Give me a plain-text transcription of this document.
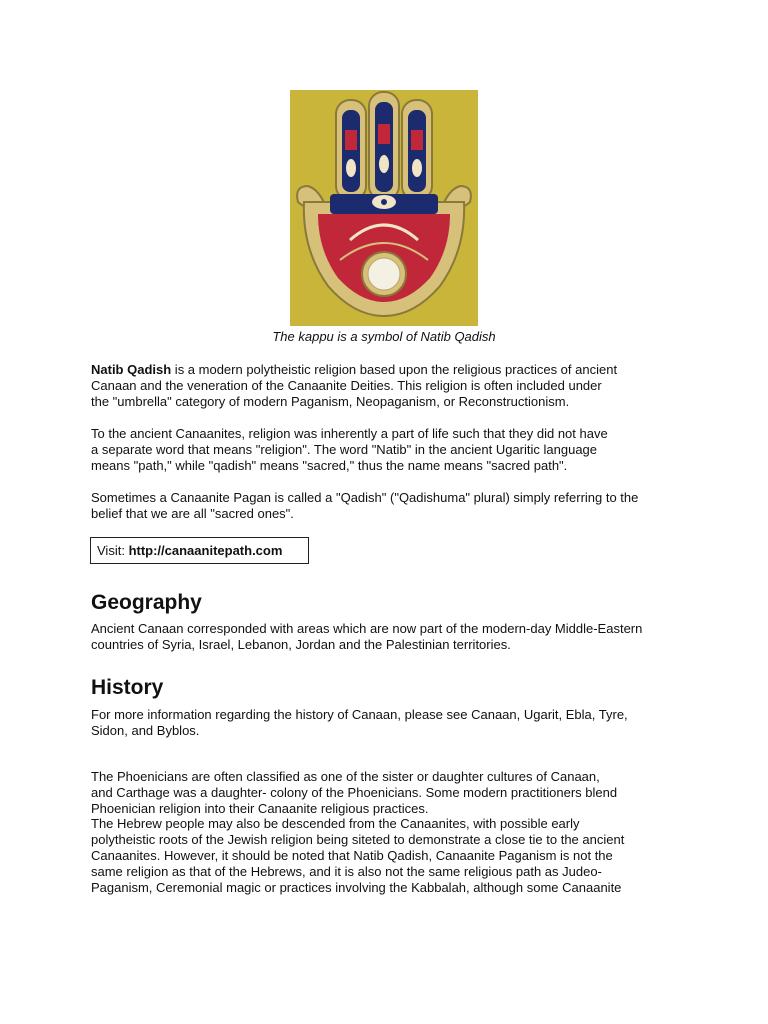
The kappu is a symbol of Natib Qadish

Natib Qadish is a modern polytheistic religion based upon the religious practices of ancient
Canaan and the veneration of the Canaanite Deities. This religion is often included under
the "umbrella" category of modern Paganism, Neopaganism, or Reconstructionism.

To the ancient Canaanites, religion was inherently a part of life such that they did not have
a separate word that means "religion". The word "Natib" in the ancient Ugaritic language
means "path," while "qadish" means "sacred," thus the name means "sacred path".

Sometimes a Canaanite Pagan is called a "Qadish" ("Qadishuma" plural) simply referring to the
belief that we are all "sacred ones".

Visit: http://canaanitepath.com
Geography

Ancient Canaan corresponded with areas which are now part of the modern-day Middle-Eastern
countries of Syria, Israel, Lebanon, Jordan and the Palestinian territories.

History

For more information regarding the history of Canaan, please see Canaan, Ugarit, Ebla, Tyre,
Sidon, and Byblos.

The Phoenicians are often classified as one of the sister or daughter cultures of Canaan,
and Carthage was a daughter- colony of the Phoenicians. Some modern practitioners blend
Phoenician religion into their Canaanite religious practices.

The Hebrew people may also be descended from the Canaanites, with possible early
polytheistic roots of the Jewish religion being siteted to demonstrate a close tie to the ancient
Canaanites. However, it should be noted that Natib Qadish, Canaanite Paganism is not the
same religion as that of the Hebrews, and it is also not the same religious path as Judeo-
Paganism, Ceremonial magic or practices involving the Kabbalah, although some Canaanite
